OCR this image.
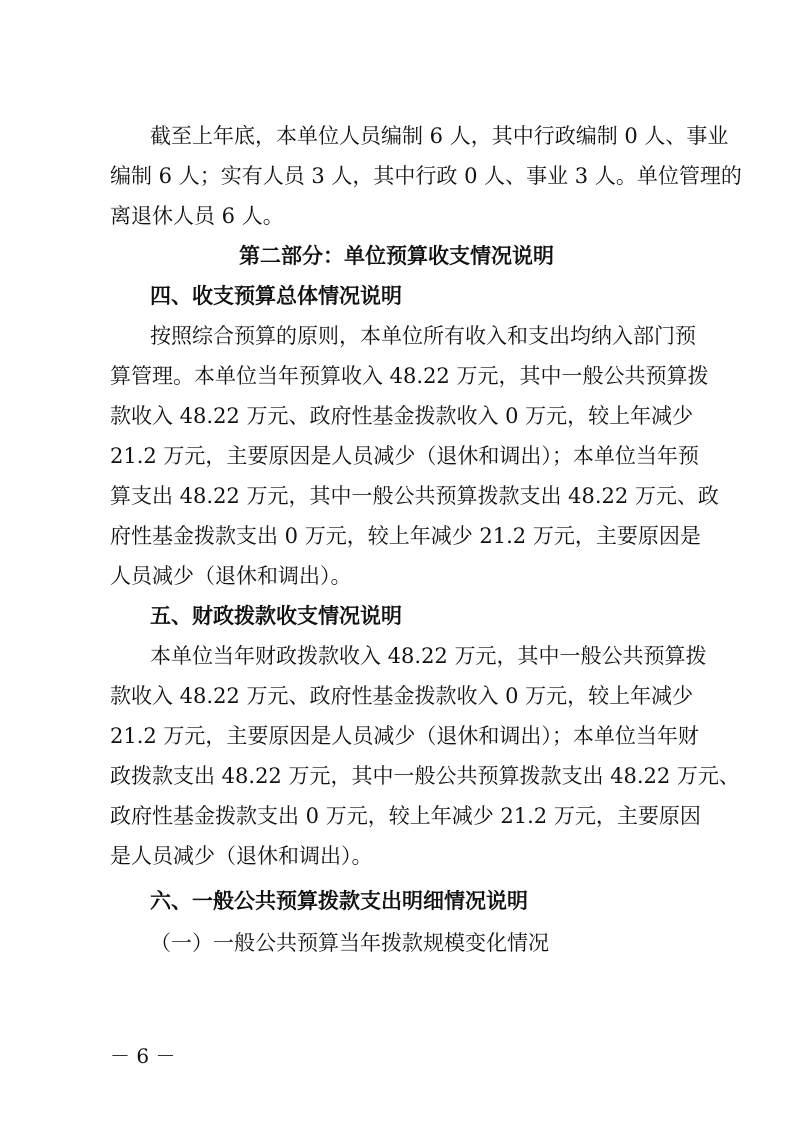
截至上年底，本单位人员编制 6 人，其中行政编制 0 人、事业
编制 6 人；实有人员 3 人，其中行政 0 人、事业 3 人。单位管理的
离退休人员 6 人。
第二部分：单位预算收支情况说明
四、收支预算总体情况说明
按照综合预算的原则，本单位所有收入和支出均纳入部门预
算管理。本单位当年预算收入 48.22 万元，其中一般公共预算拨
款收入 48.22 万元、政府性基金拨款收入 0 万元，较上年减少
21.2 万元，主要原因是人员减少（退休和调出）；本单位当年预
算支出 48.22 万元，其中一般公共预算拨款支出 48.22 万元、政
府性基金拨款支出 0 万元，较上年减少 21.2 万元，主要原因是
人员减少（退休和调出）。
五、财政拨款收支情况说明
本单位当年财政拨款收入 48.22 万元，其中一般公共预算拨
款收入 48.22 万元、政府性基金拨款收入 0 万元，较上年减少
21.2 万元，主要原因是人员减少（退休和调出）；本单位当年财
政拨款支出 48.22 万元，其中一般公共预算拨款支出 48.22 万元、
政府性基金拨款支出 0 万元，较上年减少 21.2 万元，主要原因
是人员减少（退休和调出）。
六、一般公共预算拨款支出明细情况说明
（一）一般公共预算当年拨款规模变化情况
－ 6 －
